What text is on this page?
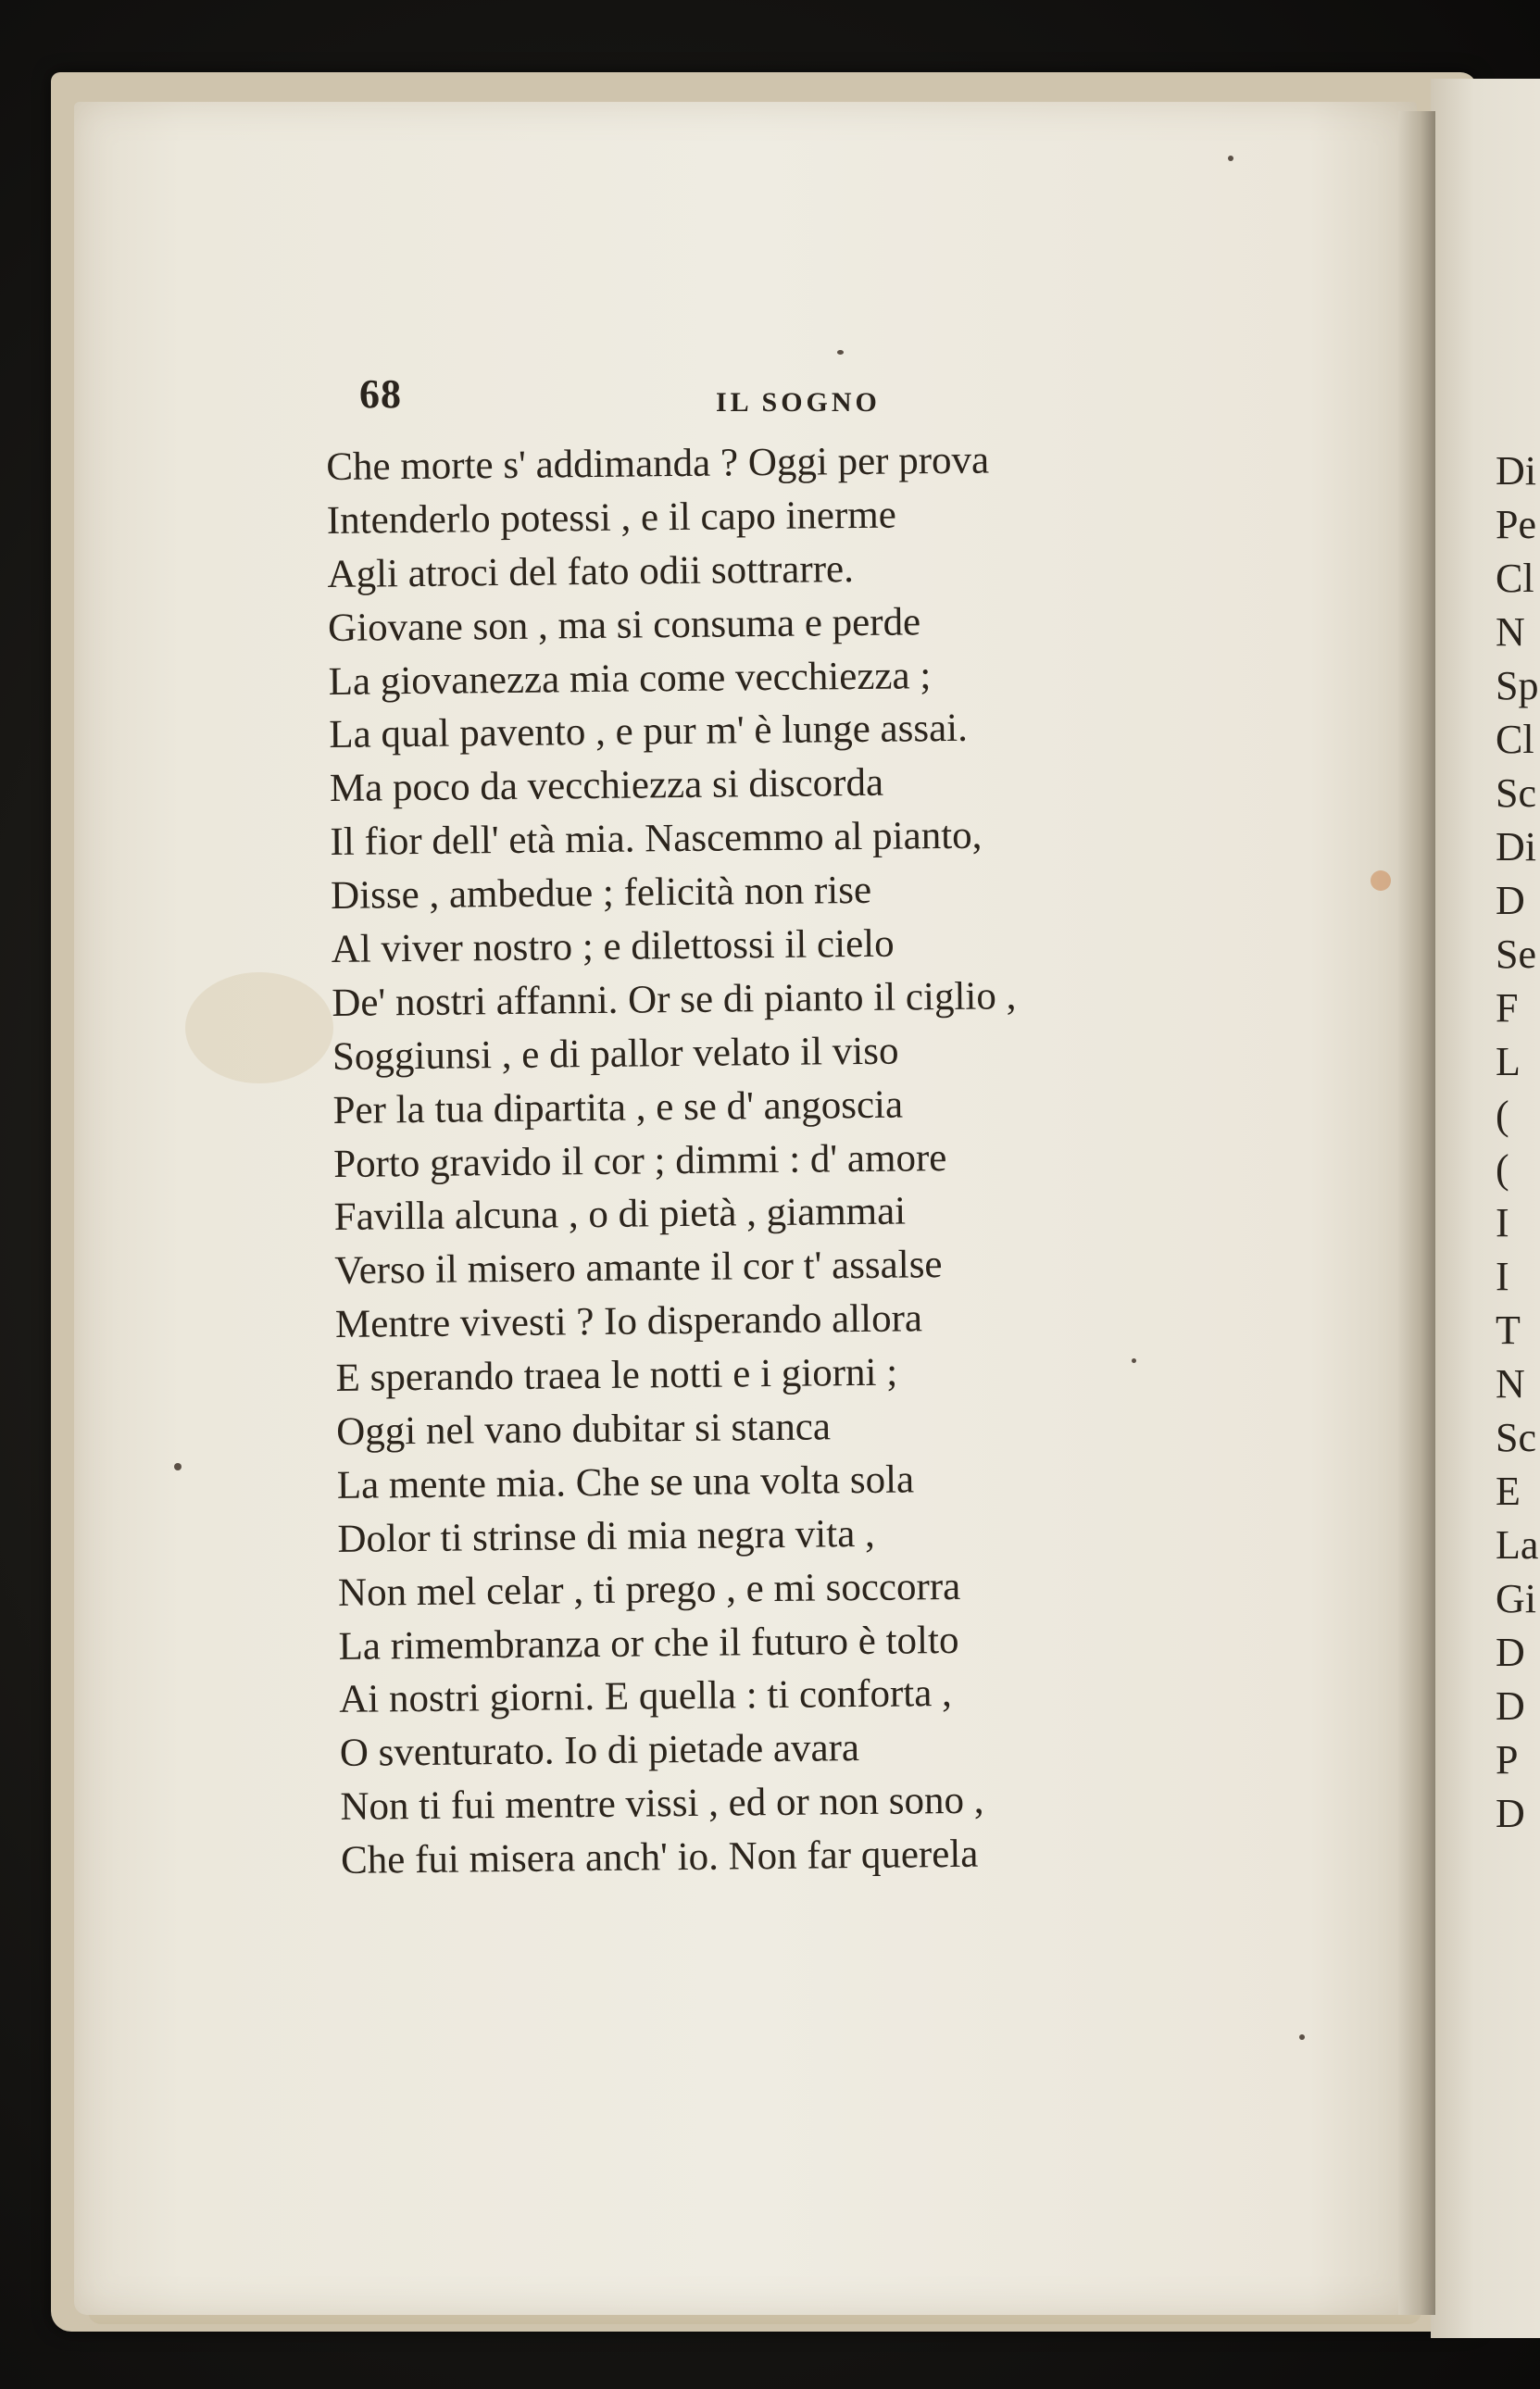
68	IL SOGNO
Che morte s' addimanda ? Oggi per prova
Intenderlo potessi , e il capo inerme
Agli atroci del fato odii sottrarre.
Giovane son , ma si consuma e perde
La giovanezza mia come vecchiezza ;
La qual pavento , e pur m' è lunge assai.
Ma poco da vecchiezza si discorda
Il fior dell' età mia. Nascemmo al pianto,
Disse , ambedue ; felicità non rise
Al viver nostro ; e dilettossi il cielo
De' nostri affanni. Or se di pianto il ciglio ,
Soggiunsi , e di pallor velato il viso
Per la tua dipartita , e se d' angoscia
Porto gravido il cor ; dimmi : d' amore
Favilla alcuna , o di pietà , giammai
Verso il misero amante il cor t' assalse
Mentre vivesti ? Io disperando allora
E sperando traea le notti e i giorni ;
Oggi nel vano dubitar si stanca
La mente mia. Che se una volta sola
Dolor ti strinse di mia negra vita ,
Non mel celar , ti prego , e mi soccorra
La rimembranza or che il futuro è tolto
Ai nostri giorni. E quella : ti conforta ,
O sventurato. Io di pietade avara
Non ti fui mentre vissi , ed or non sono ,
Che fui misera anch' io. Non far querela
Di
Pe
Cl
N
Sp
Cl
Sc
Di
D
Se
F
L
(
(
I
I
T
N
Sc
E
La
Gi
D
D
P
D
